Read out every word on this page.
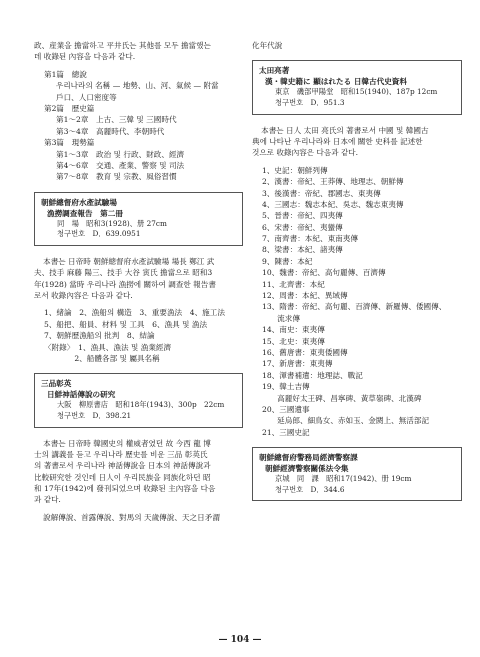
政、産業을 擔當하고 平井氏는 其他를 모두 擔當했는

데 收錄된 內容을 다음과 같다.

第1篇　總說
우리나라의 名稱 — 地勢、山、河、氣候 — 附當
戶口、人口密度等
第2篇　歷史篇
第1～2章　上古、三韓 및 三國時代
第3～4章　高麗時代、李朝時代
第3篇　現勢篇
第1～3章　政治 및 行政、財政、經濟
第4～6章　交通、產業、警察 및 司法
第7～8章　教育 및 宗教、風俗習慣
朝鮮總督府水產試驗場
漁撈調查報告　第二冊
同　場　昭和3(1928)、册 27cm
청구번호　D．639.0951

本書는 日帝時 朝鮮總督府水產試驗場 場長 鄭江 武

夫、技手 麻藤 陽三、技手 大谷 寅氏 擔當으로 昭和3

年(1928) 當時 우리나라 漁撈에 關하여 調查한 報告書

로서 收錄內容은 다음과 같다.

1、緒論　2、漁船의 構造　3、重要漁法　4、施工法
5、船把、船員、材料 및 工具　6、漁具 및 漁法
7、朝鮮歷漁船의 批判　8、結論
〈附錄〉　1、漁具、漁法 및 漁業經濟
　　　　2、船體各部 및 屬具名稱
三品彰英
日鮮神話傳說の研究
大阪　柳原書店　昭和18年(1943)、300p　22cm
청구번호　D．398.21

本書는 日帝時 韓國史의 權威者였던 故 今西 龍 博

士의 講義를 듣고 우리나라 歷史를 비운 三品 彰英氏

의 著書로서 우리나라 神話傳說을 日本의 神話傳說과

比較研究한 것인데 日人이 우리民族을 同族化하던 昭

和 17年(1942)에 發刊되었으며 收錄된 主內容을 다음

과 같다.

說解傳說、首露傳說、對馬의 天歲傳說、天之日矛謂

化年代說

太田亮著
漢・韓史籍に 顯はれたる 日韓古代史資料
東京　磯部甲陽堂　昭和15(1940)、187p 12cm
청구번호　D．951.3

本書는 日人 太田 亮氏의 著書로서 中國 및 韓國古

典에 나타난 우리나라와 日本에 關한 史科를 記述한

것으로 收錄內容은 다음과 같다.

1、史記：朝鮮列傳
2、漢書：帝紀、王莽傳、地理志、朝鮮傳
3、後漢書：帝紀、郡國志、東夷傳
4、三國志：魏志本紀、吳志、魏志東夷傳
5、晉書：帝紀、四夷傳
6、宋書：帝紀、夷蠻傳
7、南齊書：本紀、東南夷傳
8、梁書：本紀、諸夷傳
9、陳書：本紀
10、魏書：帝紀、高句麗傳、百濟傳
11、北齊書：本紀
12、周書：本紀、異域傳
13、隋書：帝紀、高句麗、百濟傳、新羅傳、倭國傳、
　　流求傳
14、南史：東夷傳
15、北史：東夷傳
16、舊唐書：東夷倭國傳
17、新唐書：東夷傳
18、渾書補遺：地理誌、戰記
19、韓土吉傳
　　高麗好太王碑、昌寧碑、黃草嶺碑、北漢碑
20、三國遺事
　　延烏郎、細鳥女、赤如玉、金閼上、無活部記
21、三國史記
朝鮮總督府警務局經濟警察課
朝鮮經濟警察關係法令集
京城　同　課　昭和17(1942)、册 19cm
청구번호　D．344.6
— 104 —
